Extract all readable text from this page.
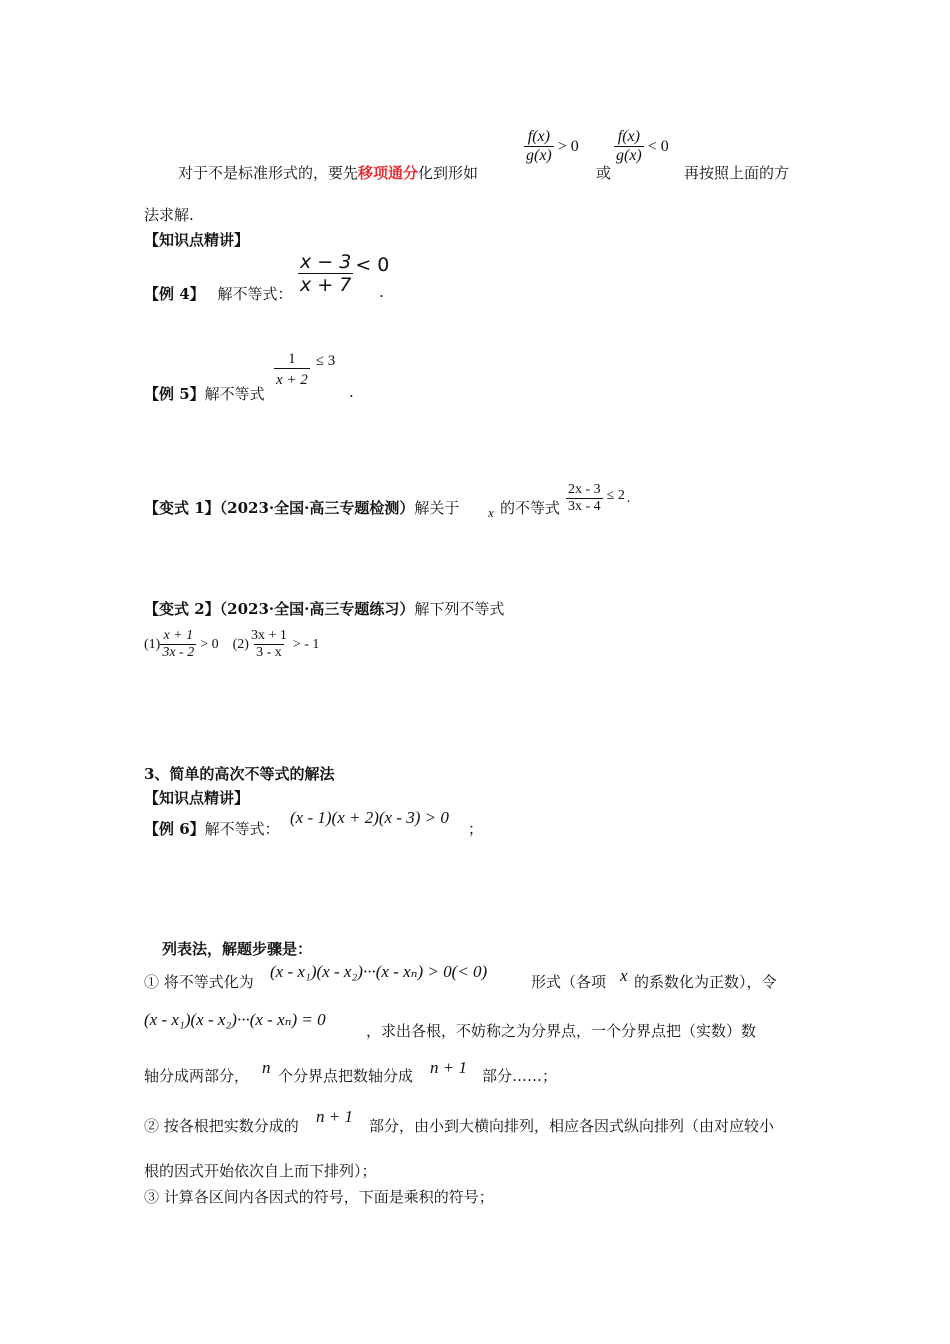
对于不是标准形式的，要先移项通分化到形如
$\frac{f(x)}{g(x)} > 0$
或
$\frac{f(x)}{g(x)} < 0$
再按照上面的方
法求解.
【知识点精讲】
【例 4】 解不等式： $\frac{x - 3}{x + 7} < 0$
.
【例 5】解不等式
$\frac{1}{x + 2} \le 3$
.
【变式 1】（2023·全国·高三专题检测）解关于 x 的不等式 $\frac{2x - 3}{3x - 4} \le 2$ .
【变式 2】（2023·全国·高三专题练习）解下列不等式
$(1) \frac{x + 1}{3x - 2} > 0$ $(2) \frac{3x + 1}{3 - x}$ > - 1
3、简单的高次不等式的解法
【知识点精讲】
【例 6】解不等式：
(x - 1)(x + 2)(x - 3) > 0
；
列表法，解题步骤是：
① 将不等式化为
(x - x₁)(x - x₂)···(x - xₙ) > 0(< 0)
形式（各项 x 的系数化为正数），令
(x - x₁)(x - x₂)···(x - xₙ) = 0
，求出各根，不妨称之为分界点，一个分界点把（实数）数
轴分成两部分， n 个分界点把数轴分成 n + 1 部分……；
② 按各根把实数分成的 n + 1 部分，由小到大横向排列，相应各因式纵向排列（由对应较小
根的因式开始依次自上而下排列）；
③ 计算各区间内各因式的符号，下面是乘积的符号；
